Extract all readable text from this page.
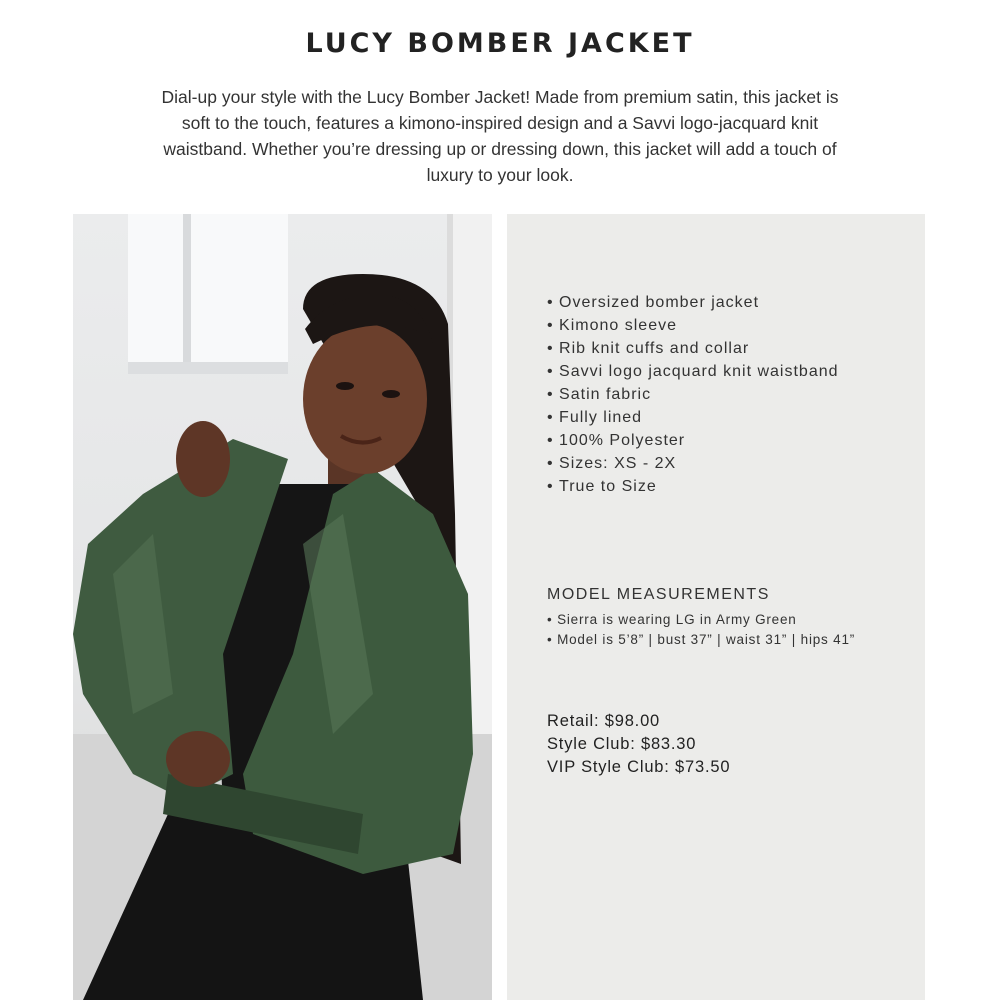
LUCY BOMBER JACKET
Dial-up your style with the Lucy Bomber Jacket! Made from premium satin, this jacket is soft to the touch, features a kimono-inspired design and a Savvi logo-jacquard knit waistband. Whether you’re dressing up or dressing down, this jacket will add a touch of luxury to your look.
• Oversized bomber jacket
• Kimono sleeve
• Rib knit cuffs and collar
• Savvi logo jacquard knit waistband
• Satin fabric
• Fully lined
• 100% Polyester
• Sizes: XS - 2X
• True to Size
MODEL MEASUREMENTS
• Sierra is wearing LG in Army Green
• Model is 5’8” | bust 37” | waist 31” | hips 41”
Retail: $98.00
Style Club: $83.30
VIP Style Club: $73.50
